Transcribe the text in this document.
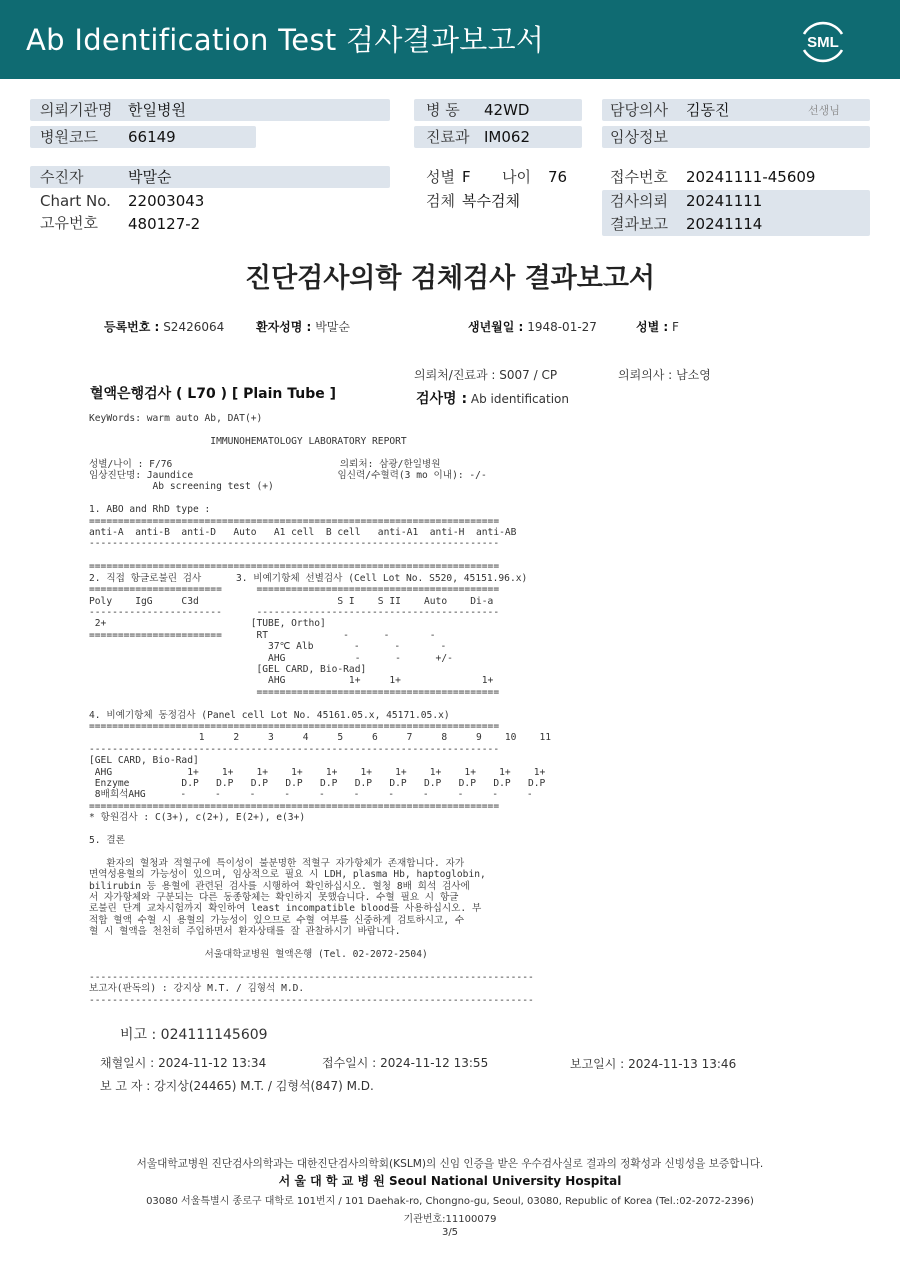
Ab Identification Test 검사결과보고서	SML
의뢰기관명 한일병원
병원코드 66149
병 동 42WD
진료과 IM062
담당의사 김동진	선생님
임상정보
수진자	박말순
Chart No. 22003043
고유번호 480127-2
성별 F 나이 76
검체 복수검체
접수번호 20241111-45609
검사의뢰 20241111
결과보고 20241114
진단검사의학 검체검사 결과보고서
등록번호 : S2426064	환자성명 : 박말순	생년월일 : 1948-01-27	성별 : F
의뢰처/진료과 : S007 / CP	의뢰의사 : 남소영
혈액은행검사 ( L70 ) [ Plain Tube ]	검사명 : Ab identification
KeyWords: warm auto Ab, DAT(+)

IMMUNOHEMATOLOGY LABORATORY REPORT

성별/나이 : F/76                             의뢰처: 삼광/한일병원
임상진단명: Jaundice                         임신력/수혈력(3 mo 이내): -/-
Ab screening test (+)

1. ABO and RhD type :
=======================================================================
anti-A  anti-B  anti-D   Auto   A1 cell  B cell   anti-A1  anti-H  anti-AB
-----------------------------------------------------------------------

=======================================================================
2. 직접 항글로불린 검사      3. 비예기항체 선별검사 (Cell Lot No. S520, 45151.96.x)
=======================      ==========================================
Poly    IgG     C3d                        S I    S II    Auto    Di-a
-----------------------      ------------------------------------------
2+                         [TUBE, Ortho]
=======================      RT             -      -       -
37℃ Alb       -      -       -
AHG            -      -      +/-
[GEL CARD, Bio-Rad]
AHG           1+     1+              1+
==========================================

4. 비예기항체 동정검사 (Panel cell Lot No. 45161.05.x, 45171.05.x)
=======================================================================
1     2     3     4     5     6     7     8     9    10    11
-----------------------------------------------------------------------
[GEL CARD, Bio-Rad]
AHG             1+    1+    1+    1+    1+    1+    1+    1+    1+    1+    1+
Enzyme         D.P   D.P   D.P   D.P   D.P   D.P   D.P   D.P   D.P   D.P   D.P
8배희석AHG      -     -     -     -     -     -     -     -     -     -     -
=======================================================================
* 항원검사 : C(3+), c(2+), E(2+), e(3+)

5. 결론

환자의 혈청과 적혈구에 특이성이 불분명한 적혈구 자가항체가 존재합니다. 자가
면역성용혈의 가능성이 있으며, 임상적으로 필요 시 LDH, plasma Hb, haptoglobin,
bilirubin 등 용혈에 관련된 검사를 시행하여 확인하십시오. 혈청 8배 희석 검사에
서 자가항체와 구분되는 다른 동종항체는 확인하지 못했습니다. 수혈 필요 시 항글
로불린 단계 교차시험까지 확인하여 least incompatible blood를 사용하십시오. 부
적합 혈액 수혈 시 용혈의 가능성이 있으므로 수혈 여부를 신중하게 검토하시고, 수
혈 시 혈액을 천천히 주입하면서 환자상태를 잘 관찰하시기 바랍니다.

서울대학교병원 혈액은행 (Tel. 02-2072-2504)

-----------------------------------------------------------------------------
보고자(판독의) : 강지상 M.T. / 김형석 M.D.
-----------------------------------------------------------------------------
비고 : 024111145609
채혈일시 : 2024-11-12 13:34	접수일시 : 2024-11-12 13:55	보고일시 : 2024-11-13 13:46
보 고 자 : 강지상(24465) M.T. / 김형석(847) M.D.
서울대학교병원 진단검사의학과는 대한진단검사의학회(KSLM)의 신임 인증을 받은 우수검사실로 결과의 정확성과 신빙성을 보증합니다.
서 울 대 학 교 병 원 Seoul National University Hospital
03080 서울특별시 종로구 대학로 101번지 / 101 Daehak-ro, Chongno-gu, Seoul, 03080, Republic of Korea (Tel.:02-2072-2396)
기관번호:11100079
3/5
